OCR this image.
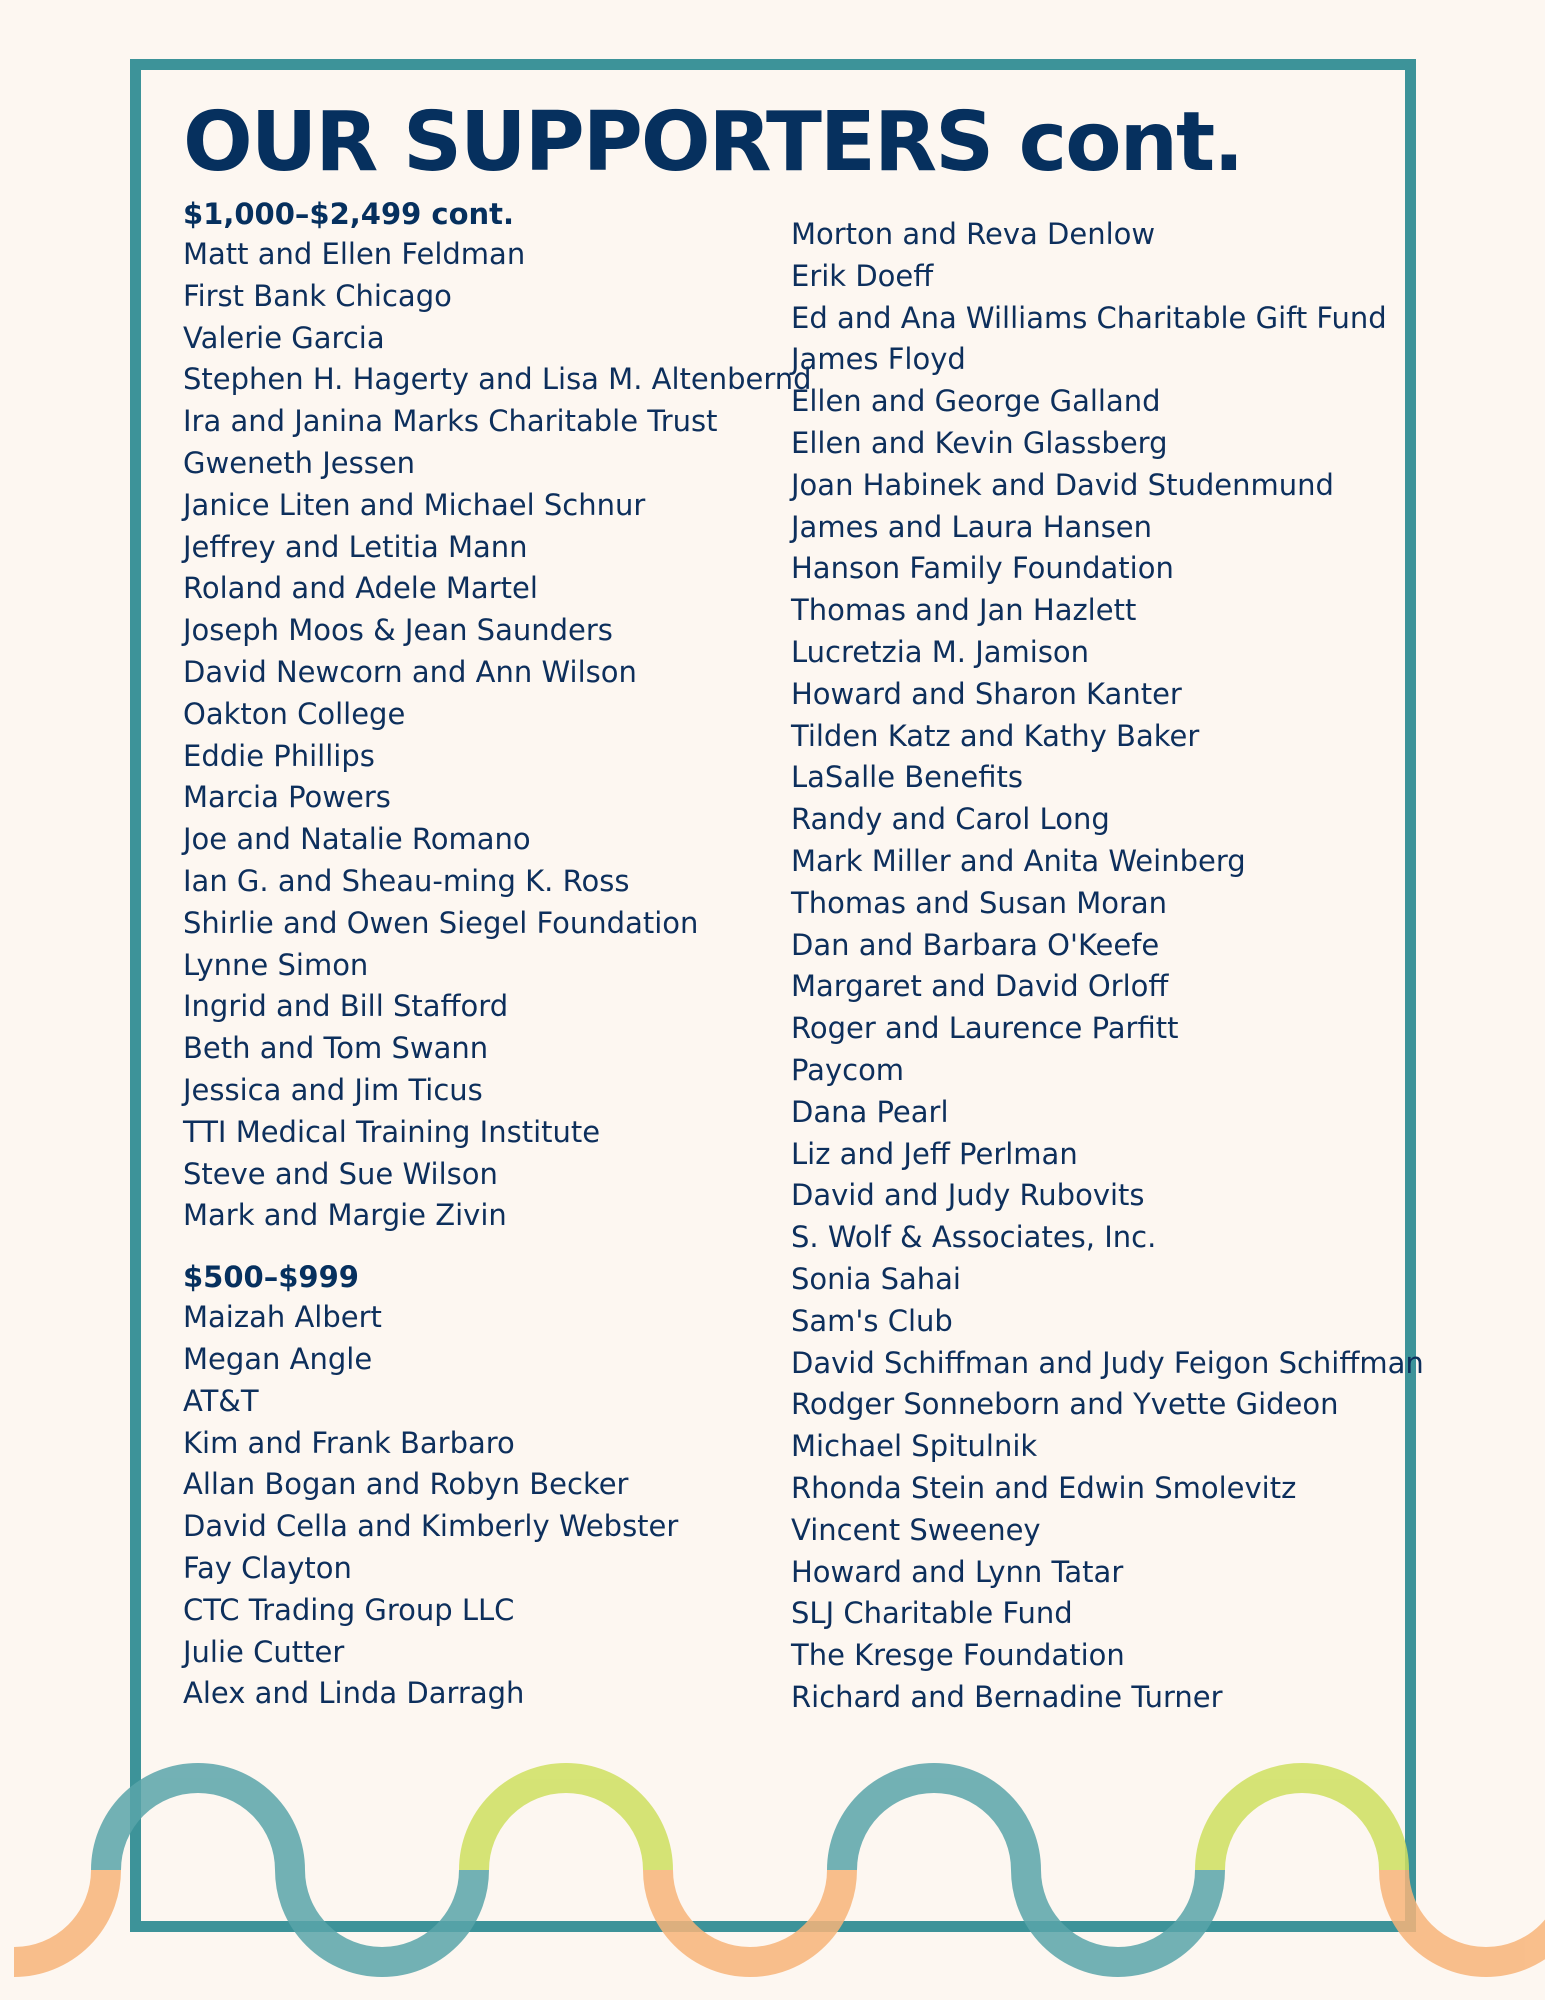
OUR SUPPORTERS cont.
$1,000–$2,499 cont.
Matt and Ellen Feldman
First Bank Chicago
Valerie Garcia
Stephen H. Hagerty and Lisa M. Altenbernd
Ira and Janina Marks Charitable Trust
Gweneth Jessen
Janice Liten and Michael Schnur
Jeffrey and Letitia Mann
Roland and Adele Martel
Joseph Moos & Jean Saunders
David Newcorn and Ann Wilson
Oakton College
Eddie Phillips
Marcia Powers
Joe and Natalie Romano
Ian G. and Sheau-ming K. Ross
Shirlie and Owen Siegel Foundation
Lynne Simon
Ingrid and Bill Stafford
Beth and Tom Swann
Jessica and Jim Ticus
TTI Medical Training Institute
Steve and Sue Wilson
Mark and Margie Zivin
$500–$999
Maizah Albert
Megan Angle
AT&T
Kim and Frank Barbaro
Allan Bogan and Robyn Becker
David Cella and Kimberly Webster
Fay Clayton
CTC Trading Group LLC
Julie Cutter
Alex and Linda Darragh
Morton and Reva Denlow
Erik Doeff
Ed and Ana Williams Charitable Gift Fund
James Floyd
Ellen and George Galland
Ellen and Kevin Glassberg
Joan Habinek and David Studenmund
James and Laura Hansen
Hanson Family Foundation
Thomas and Jan Hazlett
Lucretzia M. Jamison
Howard and Sharon Kanter
Tilden Katz and Kathy Baker
LaSalle Benefits
Randy and Carol Long
Mark Miller and Anita Weinberg
Thomas and Susan Moran
Dan and Barbara O'Keefe
Margaret and David Orloff
Roger and Laurence Parfitt
Paycom
Dana Pearl
Liz and Jeff Perlman
David and Judy Rubovits
S. Wolf & Associates, Inc.
Sonia Sahai
Sam's Club
David Schiffman and Judy Feigon Schiffman
Rodger Sonneborn and Yvette Gideon
Michael Spitulnik
Rhonda Stein and Edwin Smolevitz
Vincent Sweeney
Howard and Lynn Tatar
SLJ Charitable Fund
The Kresge Foundation
Richard and Bernadine Turner
